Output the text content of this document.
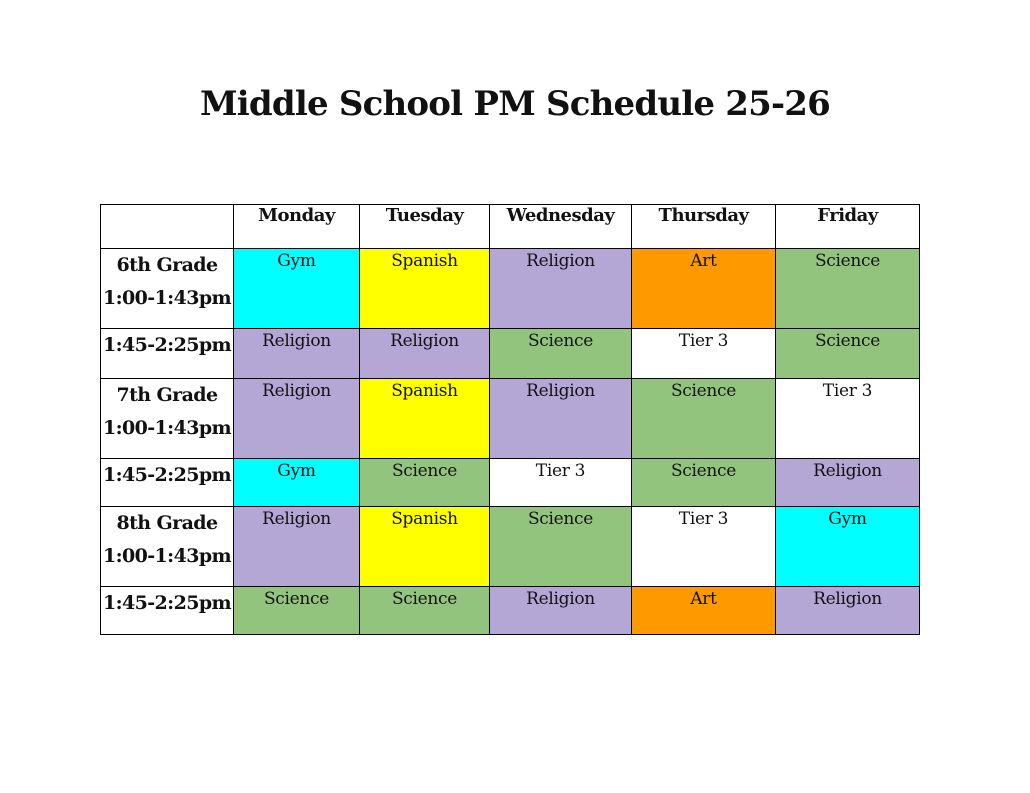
Middle School PM Schedule 25-26
	Monday	Tuesday	Wednesday	Thursday	Friday

6th Grade
1:00-1:43pm	Gym	Spanish	Religion	Art	Science

1:45-2:25pm	Religion	Religion	Science	Tier 3	Science

7th Grade
1:00-1:43pm	Religion	Spanish	Religion	Science	Tier 3

1:45-2:25pm	Gym	Science	Tier 3	Science	Religion

8th Grade
1:00-1:43pm	Religion	Spanish	Science	Tier 3	Gym

1:45-2:25pm	Science	Science	Religion	Art	Religion
